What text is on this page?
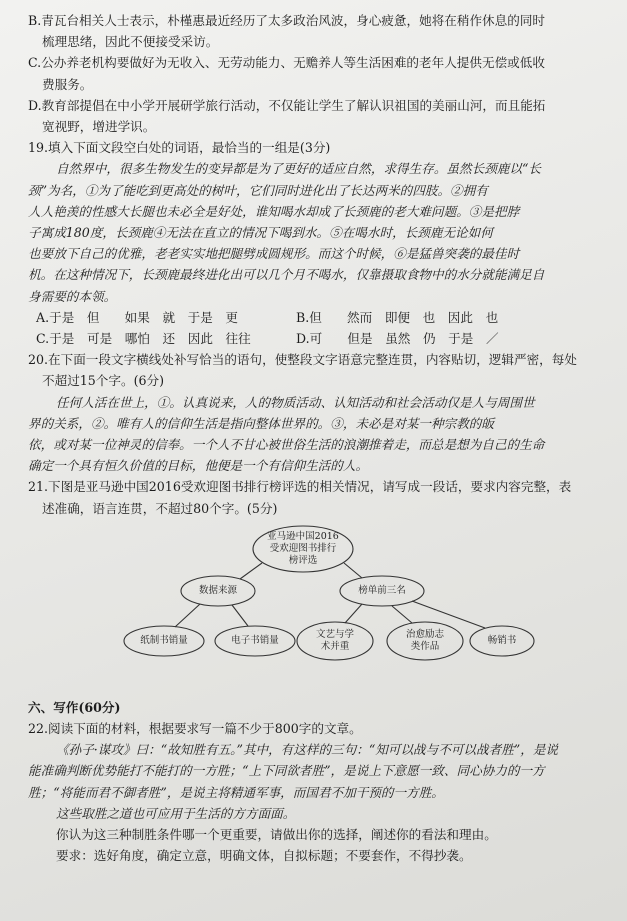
B.青瓦台相关人士表示，朴槿惠最近经历了太多政治风波，身心疲惫，她将在稍作休息的同时

梳理思绪，因此不便接受采访。

C.公办养老机构要做好为无收入、无劳动能力、无赡养人等生活困难的老年人提供无偿或低收

费服务。

D.教育部提倡在中小学开展研学旅行活动，不仅能让学生了解认识祖国的美丽山河，而且能拓

宽视野，增进学识。

19.填入下面文段空白处的词语，最恰当的一组是(3分)

自然界中，很多生物发生的变异都是为了更好的适应自然，求得生存。虽然长颈鹿以“长

颈”为名，①为了能吃到更高处的树叶，它们同时进化出了长达两米的四肢。②拥有

人人艳羡的性感大长腿也未必全是好处，谁知喝水却成了长颈鹿的老大难问题。③是把脖

子寓成180度，长颈鹿④无法在直立的情况下喝到水。⑤在喝水时，长颈鹿无论如何

也要放下自己的优雅，老老实实地把腿劈成圆规形。而这个时候，⑥是猛兽突袭的最佳时

机。在这种情况下，长颈鹿最终进化出可以几个月不喝水，仅靠摄取食物中的水分就能满足自

身需要的本领。

A.于是　但　　如果　就　于是　更	B.但　　然而　即便　也　因此　也
C.于是　可是　哪怕　还　因此　往往	D.可　　但是　虽然　仍　于是　／

20.在下面一段文字横线处补写恰当的语句，使整段文字语意完整连贯，内容贴切，逻辑严密，每处

不超过15个字。(6分)

任何人活在世上，①。认真说来，人的物质活动、认知活动和社会活动仅是人与周围世

界的关系，②。唯有人的信仰生活是指向整体世界的。③，未必是对某一种宗教的皈

依，或对某一位神灵的信奉。一个人不甘心被世俗生活的浪潮推着走，而总是想为自己的生命

确定一个具有恒久价值的目标，他便是一个有信仰生活的人。

21.下图是亚马逊中国2016受欢迎图书排行榜评选的相关情况，请写成一段话，要求内容完整，表

述准确，语言连贯，不超过80个字。(5分)

亚马逊中国2016
受欢迎图书排行
榜评选
数据来源	榜单前三名
纸制书销量	电子书销量
文艺与学
术并重
治愈励志
类作品
畅销书

六、写作(60分)

22.阅读下面的材料，根据要求写一篇不少于800字的文章。

《孙子·谋攻》曰：“故知胜有五。”其中，有这样的三句：“知可以战与不可以战者胜”，是说

能准确判断优势能打不能打的一方胜；“上下同欲者胜”，是说上下意愿一致、同心协力的一方

胜；“将能而君不御者胜”，是说主将精通军事，而国君不加干预的一方胜。

这些取胜之道也可应用于生活的方方面面。

你认为这三种制胜条件哪一个更重要，请做出你的选择，阐述你的看法和理由。

要求：选好角度，确定立意，明确文体，自拟标题；不要套作，不得抄袭。
